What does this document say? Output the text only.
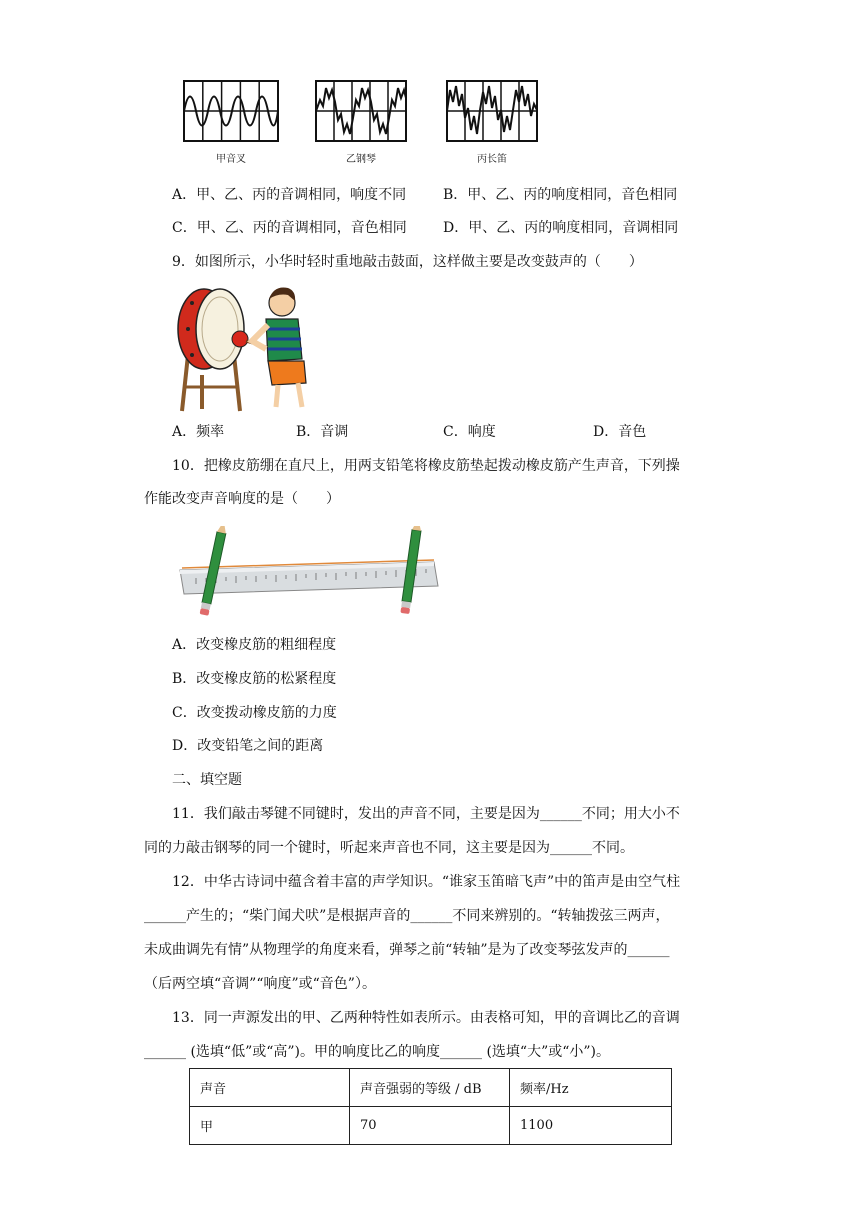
甲音叉	乙钢琴	丙长笛
A．甲、乙、丙的音调相同，响度不同	B．甲、乙、丙的响度相同，音色相同
C．甲、乙、丙的音调相同，音色相同	D．甲、乙、丙的响度相同，音调相同
9．如图所示，小华时轻时重地敲击鼓面，这样做主要是改变鼓声的（　　）
A．频率	B．音调	C．响度	D．音色
10．把橡皮筋绷在直尺上，用两支铅笔将橡皮筋垫起拨动橡皮筋产生声音，下列操
作能改变声音响度的是（　　）
A．改变橡皮筋的粗细程度
B．改变橡皮筋的松紧程度
C．改变拨动橡皮筋的力度
D．改变铅笔之间的距离
二、填空题
11．我们敲击琴键不同键时，发出的声音不同，主要是因为______不同；用大小不
同的力敲击钢琴的同一个键时，听起来声音也不同，这主要是因为______不同。
12．中华古诗词中蕴含着丰富的声学知识。“谁家玉笛暗飞声”中的笛声是由空气柱
______产生的；“柴门闻犬吠”是根据声音的______不同来辨别的。“转轴拨弦三两声，
未成曲调先有情”从物理学的角度来看，弹琴之前“转轴”是为了改变琴弦发声的______
（后两空填“音调”“响度”或“音色”）。
13．同一声源发出的甲、乙两种特性如表所示。由表格可知，甲的音调比乙的音调
______ (选填“低”或“高”)。甲的响度比乙的响度______ (选填“大”或“小”)。
声音	声音强弱的等级 / dB	频率/Hz
甲	70	1100
